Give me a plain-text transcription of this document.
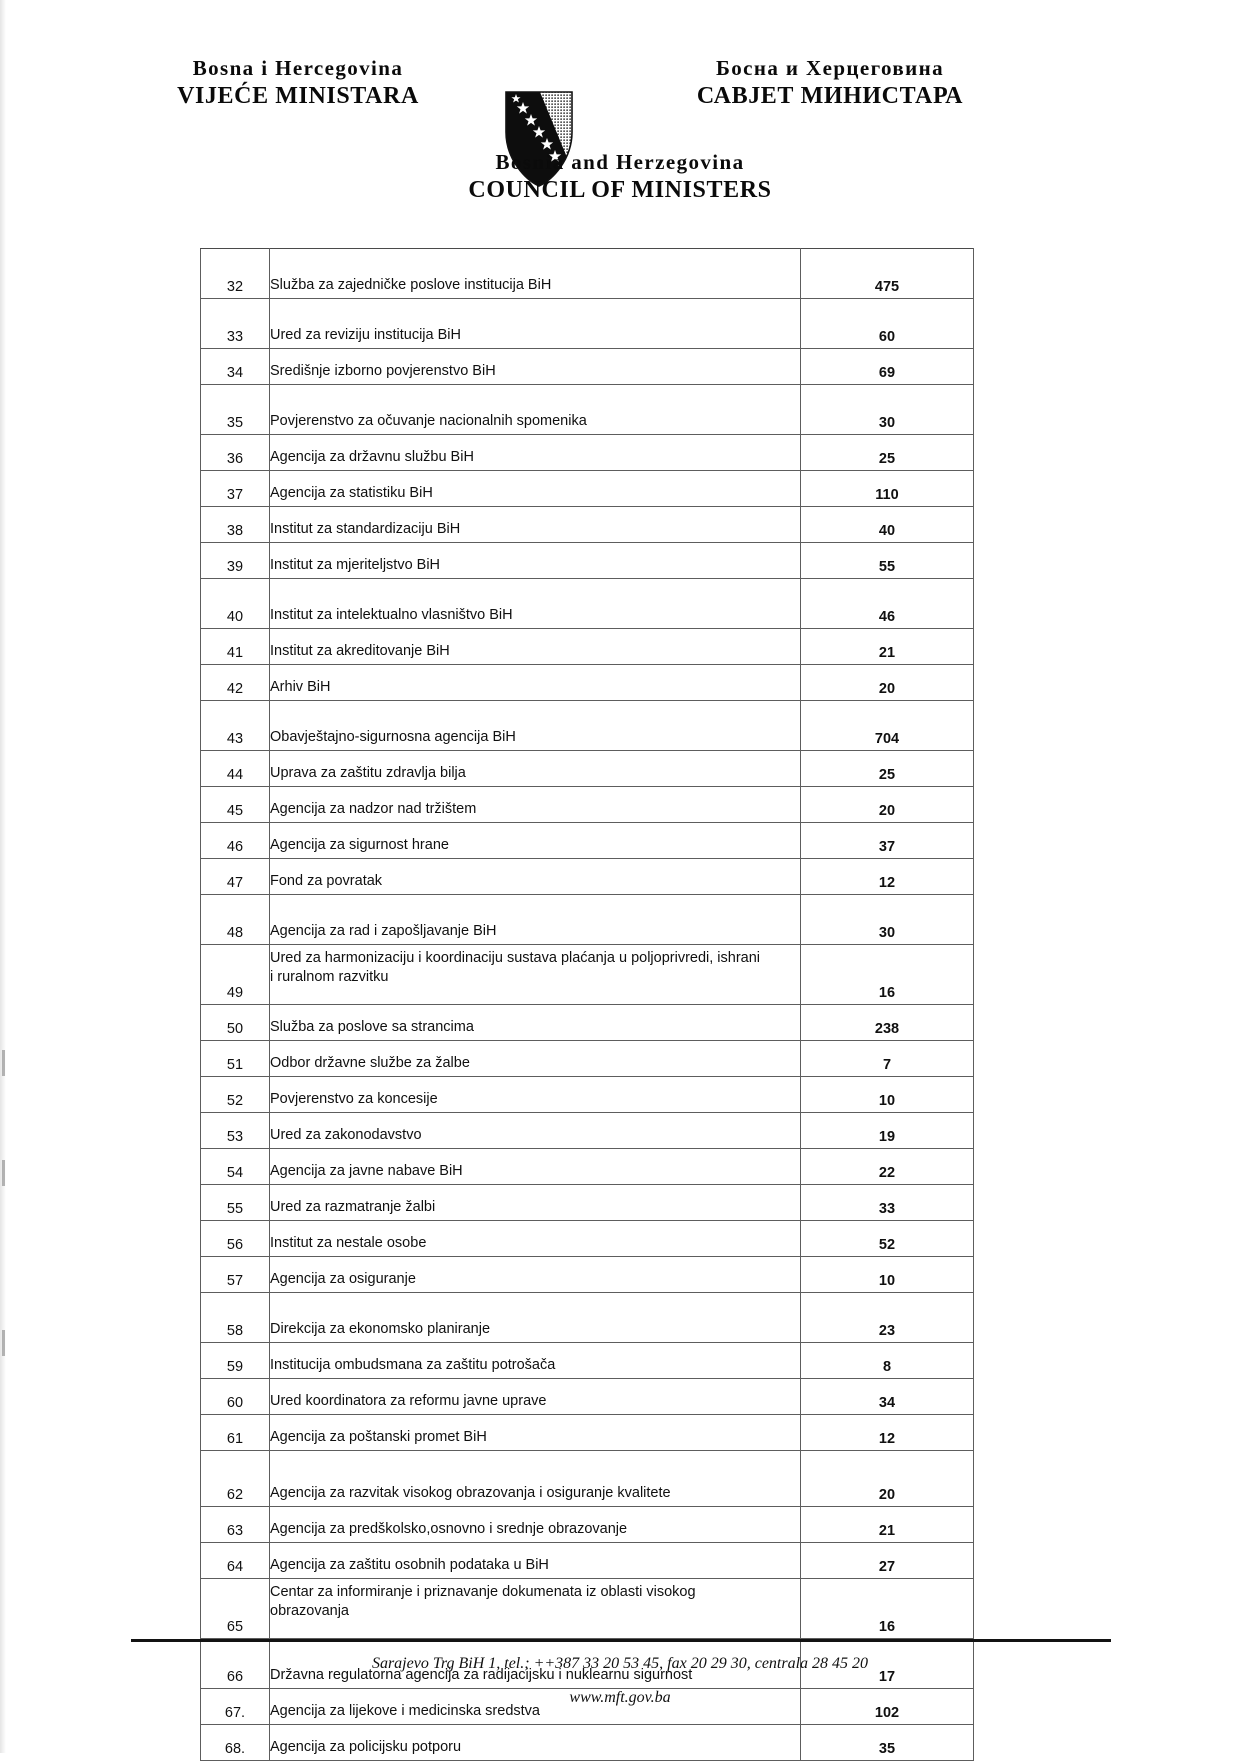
Bosna i Hercegovina
VIJEĆE MINISTARA
Босна и Херцеговина
САВЈЕТ МИНИСТАРА
Bosnia and Herzegovina
COUNCIL OF MINISTERS
32	Služba za zajedničke poslove institucija BiH	475
33	Ured za reviziju institucija BiH	60
34	Središnje izborno povjerenstvo BiH	69
35	Povjerenstvo za očuvanje nacionalnih spomenika	30
36	Agencija za državnu službu BiH	25
37	Agencija za statistiku BiH	110
38	Institut za standardizaciju BiH	40
39	Institut za mjeriteljstvo BiH	55
40	Institut za intelektualno vlasništvo BiH	46
41	Institut za akreditovanje BiH	21
42	Arhiv BiH	20
43	Obavještajno-sigurnosna agencija BiH	704
44	Uprava za zaštitu zdravlja bilja	25
45	Agencija za nadzor nad tržištem	20
46	Agencija za sigurnost hrane	37
47	Fond za povratak	12
48	Agencija za rad i zapošljavanje BiH	30
49	Ured za harmonizaciju i koordinaciju sustava plaćanja u poljoprivredi, ishrani
i ruralnom razvitku	16
50	Služba za poslove sa strancima	238
51	Odbor državne službe za žalbe	7
52	Povjerenstvo za koncesije	10
53	Ured za zakonodavstvo	19
54	Agencija za javne nabave BiH	22
55	Ured za razmatranje žalbi	33
56	Institut za nestale osobe	52
57	Agencija za osiguranje	10
58	Direkcija za ekonomsko planiranje	23
59	Institucija ombudsmana za zaštitu potrošača	8
60	Ured koordinatora za reformu javne uprave	34
61	Agencija za poštanski promet BiH	12
62	Agencija za razvitak visokog obrazovanja i osiguranje kvalitete	20
63	Agencija za predškolsko,osnovno i srednje obrazovanje	21
64	Agencija za zaštitu osobnih podataka u BiH	27
65	Centar za informiranje i priznavanje dokumenata iz oblasti visokog
obrazovanja	16
66	Državna regulatorna agencija za radijacijsku i nuklearnu sigurnost	17
67.	Agencija za lijekove i medicinska sredstva	102
68.	Agencija za policijsku potporu	35
Sarajevo Trg BiH 1, tel.; ++387 33 20 53 45, fax 20 29 30, centrala 28 45 20
www.mft.gov.ba
